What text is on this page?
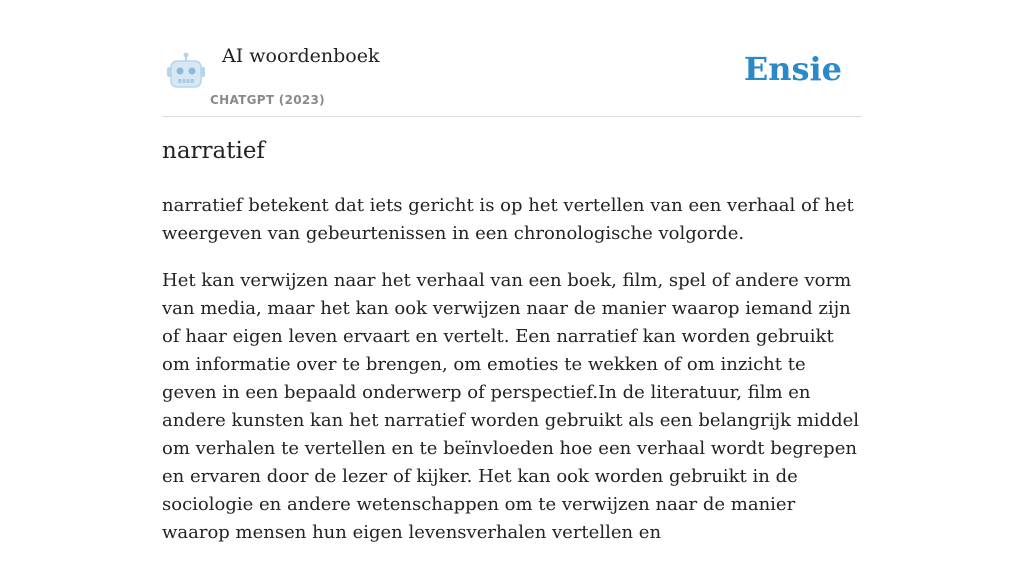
AI woordenboek
CHATGPT (2023)
Ensie
narratief

narratief betekent dat iets gericht is op het vertellen van een verhaal of het weergeven van gebeurtenissen in een chronologische volgorde.

Het kan verwijzen naar het verhaal van een boek, film, spel of andere vorm van media, maar het kan ook verwijzen naar de manier waarop iemand zijn of haar eigen leven ervaart en vertelt. Een narratief kan worden gebruikt om informatie over te brengen, om emoties te wekken of om inzicht te geven in een bepaald onderwerp of perspectief.In de literatuur, film en andere kunsten kan het narratief worden gebruikt als een belangrijk middel om verhalen te vertellen en te beïnvloeden hoe een verhaal wordt begrepen en ervaren door de lezer of kijker. Het kan ook worden gebruikt in de sociologie en andere wetenschappen om te verwijzen naar de manier waarop mensen hun eigen levensverhalen vertellen en
